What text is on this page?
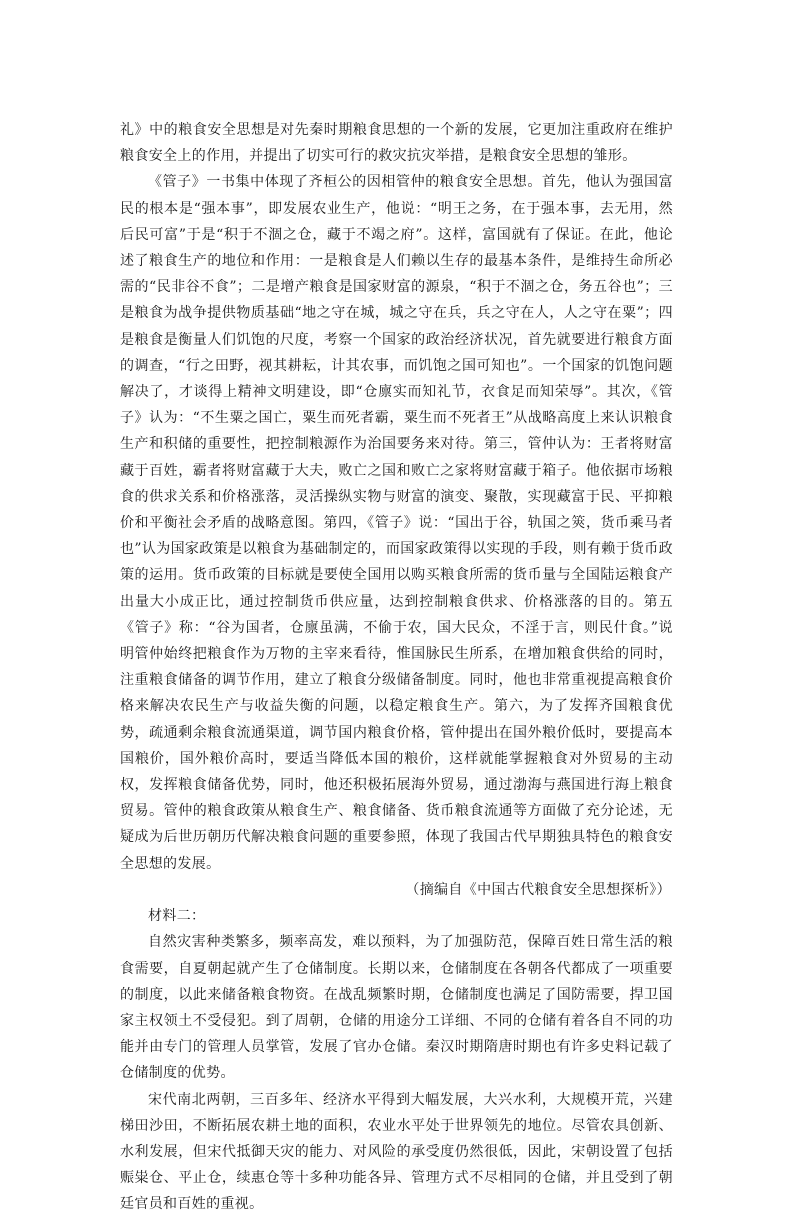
礼》中的粮食安全思想是对先秦时期粮食思想的一个新的发展，它更加注重政府在维护粮食安全上的作用，并提出了切实可行的救灾抗灾举措，是粮食安全思想的雏形。

《管子》一书集中体现了齐桓公的因相管仲的粮食安全思想。首先，他认为强国富民的根本是“强本事”，即发展农业生产，他说：“明王之务，在于强本事，去无用，然后民可富”于是“积于不涸之仓，藏于不竭之府”。这样，富国就有了保证。在此，他论述了粮食生产的地位和作用：一是粮食是人们赖以生存的最基本条件，是维持生命所必需的“民非谷不食”；二是增产粮食是国家财富的源泉，“积于不涸之仓，务五谷也”；三是粮食为战争提供物质基础“地之守在城，城之守在兵，兵之守在人，人之守在粟”；四是粮食是衡量人们饥饱的尺度，考察一个国家的政治经济状况，首先就要进行粮食方面的调查，“行之田野，视其耕耘，计其农事，而饥饱之国可知也”。一个国家的饥饱问题解决了，才谈得上精神文明建设，即“仓廪实而知礼节，衣食足而知荣辱”。其次，《管子》认为：“不生粟之国亡，粟生而死者霸，粟生而不死者王”从战略高度上来认识粮食生产和积储的重要性，把控制粮源作为治国要务来对待。第三，管仲认为：王者将财富藏于百姓，霸者将财富藏于大夫，败亡之国和败亡之家将财富藏于箱子。他依据市场粮食的供求关系和价格涨落，灵活操纵实物与财富的演变、聚散，实现藏富于民、平抑粮价和平衡社会矛盾的战略意图。第四，《管子》说：“国出于谷，轨国之筴，货币乘马者也”认为国家政策是以粮食为基础制定的，而国家政策得以实现的手段，则有赖于货币政策的运用。货币政策的目标就是要使全国用以购买粮食所需的货币量与全国陆运粮食产出量大小成正比，通过控制货币供应量，达到控制粮食供求、价格涨落的目的。第五《管子》称：“谷为国者，仓廪虽满，不偷于农，国大民众，不淫于言，则民什食。”说明管仲始终把粮食作为万物的主宰来看待，惟国脉民生所系，在增加粮食供给的同时，注重粮食储备的调节作用，建立了粮食分级储备制度。同时，他也非常重视提高粮食价格来解决农民生产与收益失衡的问题，以稳定粮食生产。第六，为了发挥齐国粮食优势，疏通剩余粮食流通渠道，调节国内粮食价格，管仲提出在国外粮价低时，要提高本国粮价，国外粮价高时，要适当降低本国的粮价，这样就能掌握粮食对外贸易的主动权，发挥粮食储备优势，同时，他还积极拓展海外贸易，通过渤海与燕国进行海上粮食贸易。管仲的粮食政策从粮食生产、粮食储备、货币粮食流通等方面做了充分论述，无疑成为后世历朝历代解决粮食问题的重要参照，体现了我国古代早期独具特色的粮食安全思想的发展。

（摘编自《中国古代粮食安全思想探析》）

材料二：

自然灾害种类繁多，频率高发，难以预料，为了加强防范，保障百姓日常生活的粮食需要，自夏朝起就产生了仓储制度。长期以来，仓储制度在各朝各代都成了一项重要的制度，以此来储备粮食物资。在战乱频繁时期，仓储制度也满足了国防需要，捍卫国家主权领土不受侵犯。到了周朝，仓储的用途分工详细、不同的仓储有着各自不同的功能并由专门的管理人员掌管，发展了官办仓储。秦汉时期隋唐时期也有许多史料记载了仓储制度的优势。

宋代南北两朝，三百多年、经济水平得到大幅发展，大兴水利，大规模开荒，兴建梯田沙田，不断拓展农耕土地的面积，农业水平处于世界领先的地位。尽管农具创新、水利发展，但宋代抵御天灾的能力、对风险的承受度仍然很低，因此，宋朝设置了包括赈粜仓、平止仓，续惠仓等十多种功能各异、管理方式不尽相同的仓储，并且受到了朝廷官员和百姓的重视。
